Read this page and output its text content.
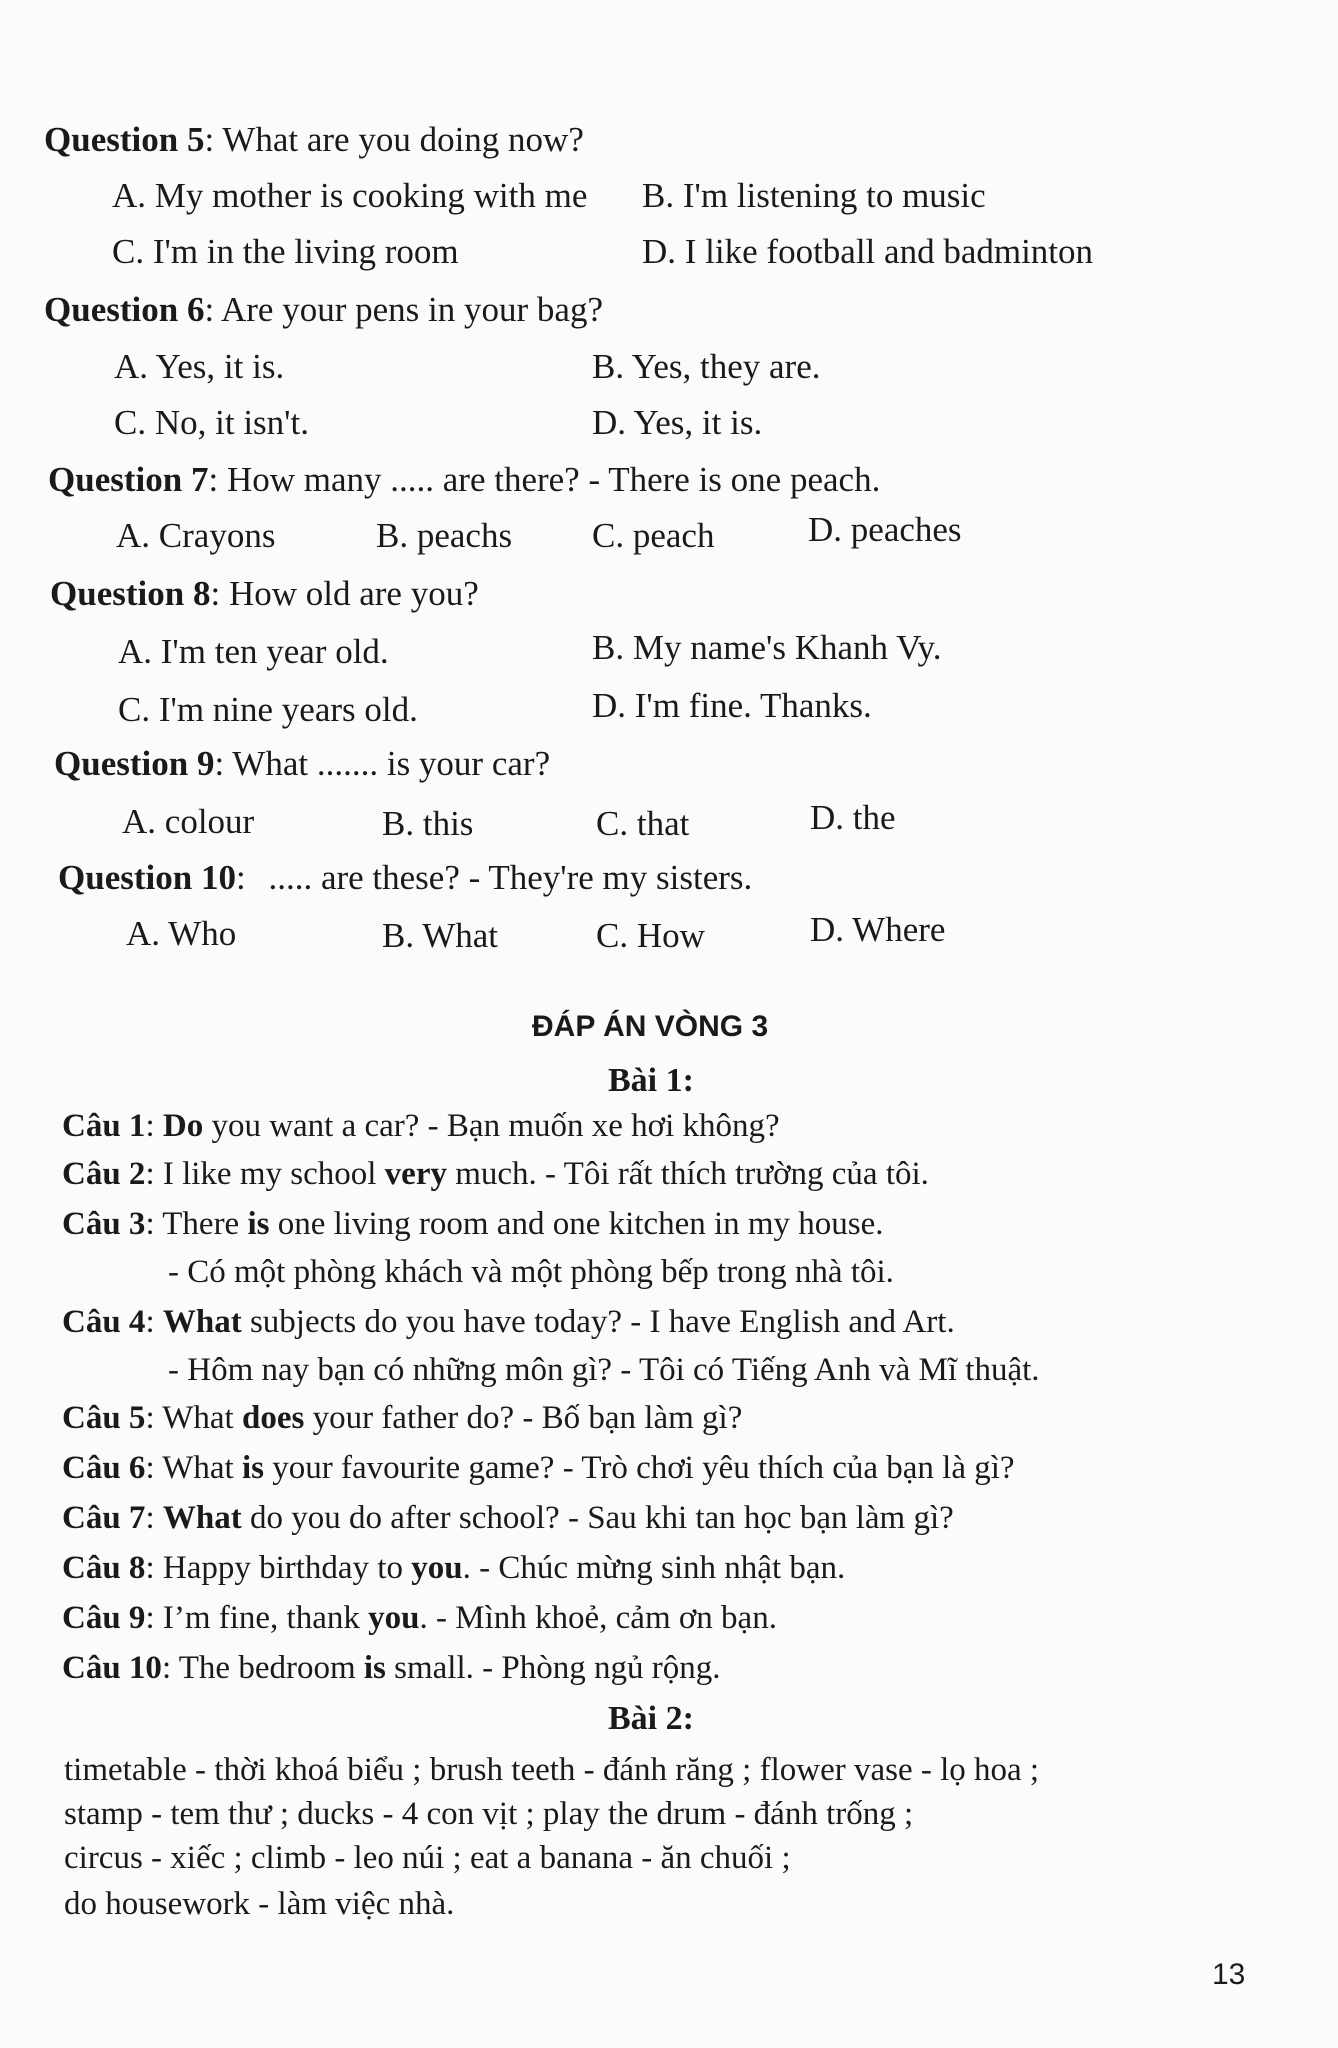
Question 5: What are you doing now?
A. My mother is cooking with me B. I'm listening to music
C. I'm in the living room	D. I like football and badminton
Question 6: Are your pens in your bag?
A. Yes, it is.	B. Yes, they are.
C. No, it isn't.	D. Yes, it is.
Question 7: How many ..... are there? - There is one peach.
A. Crayons	B. peachs C. peach	D. peaches
Question 8: How old are you?
A. I'm ten year old.	B. My name's Khanh Vy.
C. I'm nine years old.	D. I'm fine. Thanks.
Question 9: What ....... is your car?
A. colour	B. this	C. that	D. the
Question 10: ..... are these? - They're my sisters.
A. Who	B. What	C. How	D. Where
ĐÁP ÁN VÒNG 3
Bài 1:
Câu 1: Do you want a car? - Bạn muốn xe hơi không?
Câu 2: I like my school very much. - Tôi rất thích trường của tôi.
Câu 3: There is one living room and one kitchen in my house.
- Có một phòng khách và một phòng bếp trong nhà tôi.
Câu 4: What subjects do you have today? - I have English and Art.
- Hôm nay bạn có những môn gì? - Tôi có Tiếng Anh và Mĩ thuật.
Câu 5: What does your father do? - Bố bạn làm gì?
Câu 6: What is your favourite game? - Trò chơi yêu thích của bạn là gì?
Câu 7: What do you do after school? - Sau khi tan học bạn làm gì?
Câu 8: Happy birthday to you. - Chúc mừng sinh nhật bạn.
Câu 9: I’m fine, thank you. - Mình khoẻ, cảm ơn bạn.
Câu 10: The bedroom is small. - Phòng ngủ rộng.
Bài 2:
timetable - thời khoá biểu ; brush teeth - đánh răng ; flower vase - lọ hoa ;
stamp - tem thư ; ducks - 4 con vịt ; play the drum - đánh trống ;
circus - xiếc ; climb - leo núi ; eat a banana - ăn chuối ;
do housework - làm việc nhà.
13
